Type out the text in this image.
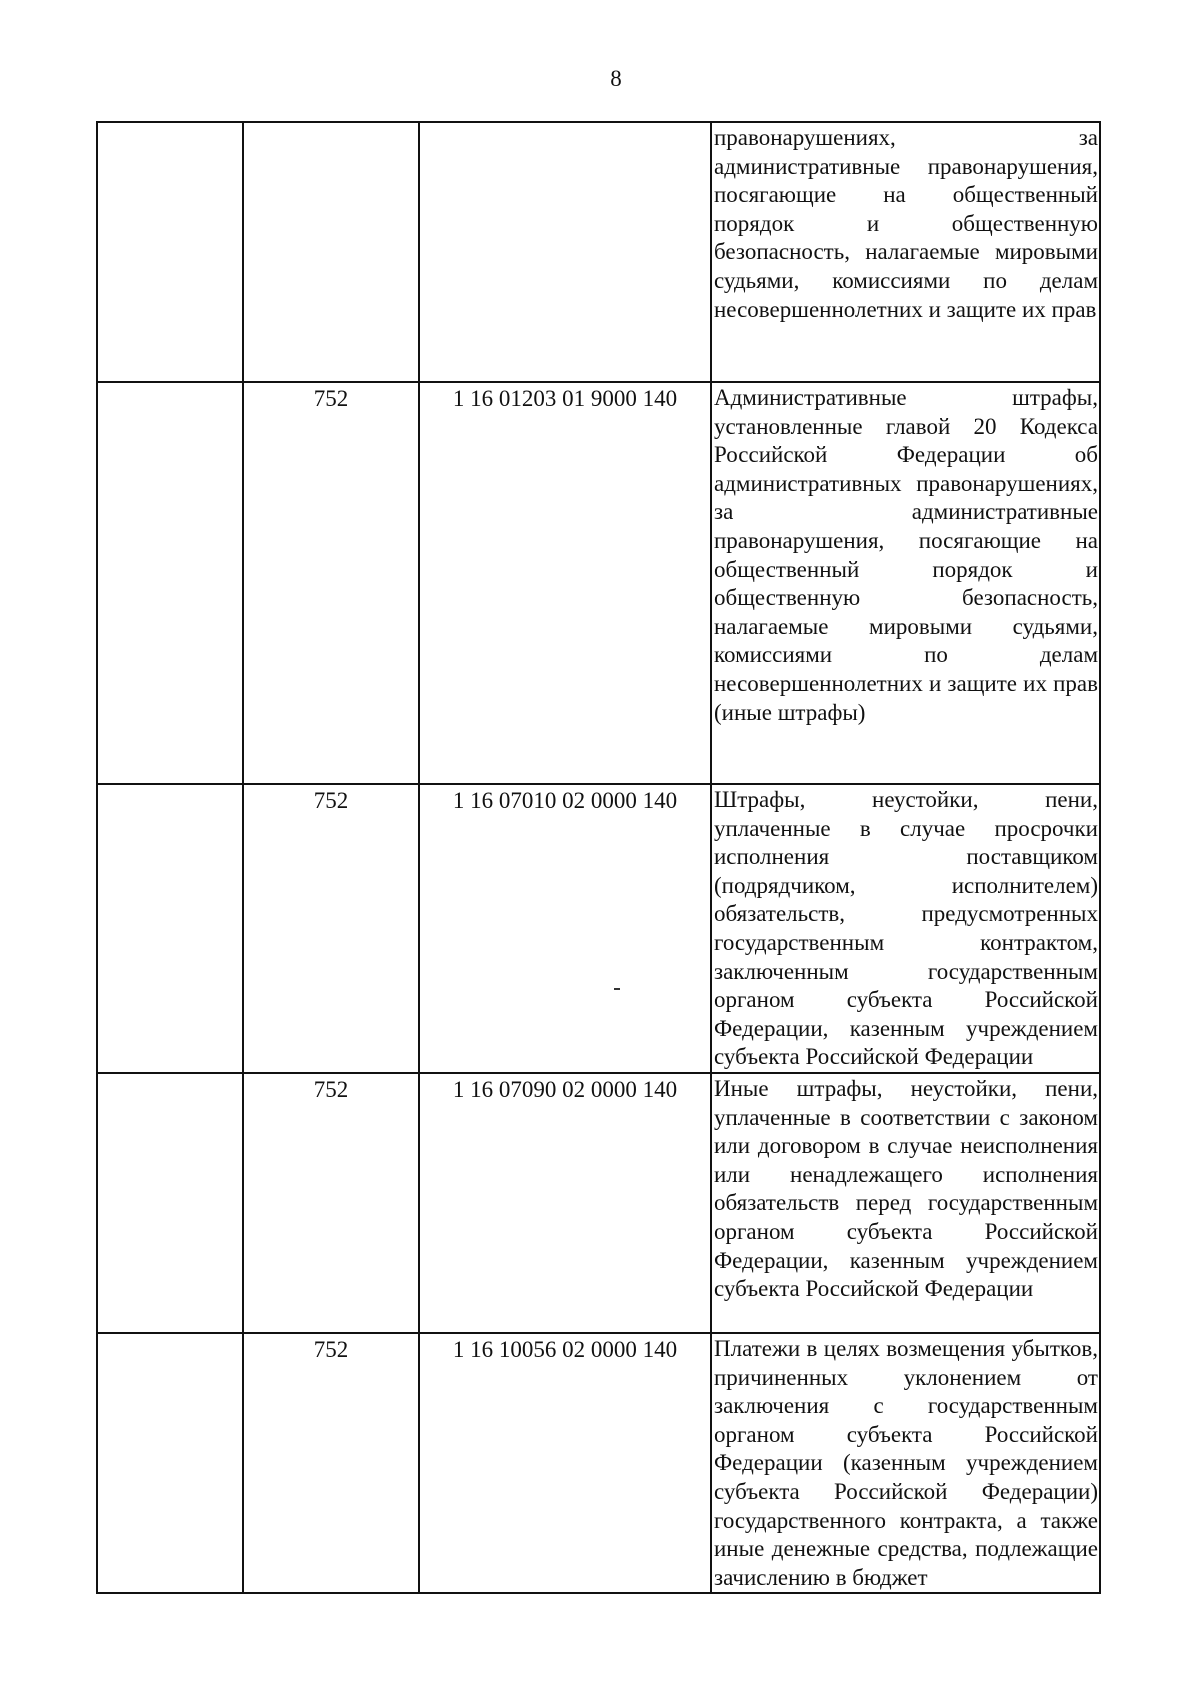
8

			правонарушениях, за административные правонарушения, посягающие на общественный порядок и общественную безопасность, налагаемые мировыми судьями, комиссиями по делам несовершеннолетних и защите их прав

	752	1 16 01203 01 9000 140	Административные штрафы, установленные главой 20 Кодекса Российской Федерации об административных правонарушениях, за административные правонарушения, посягающие на общественный порядок и общественную безопасность, налагаемые мировыми судьями, комиссиями по делам несовершеннолетних и защите их прав (иные штрафы)

	752	1 16 07010 02 0000 140	Штрафы, неустойки, пени, уплаченные в случае просрочки исполнения поставщиком (подрядчиком, исполнителем) обязательств, предусмотренных государственным контрактом, заключенным государственным органом субъекта Российской Федерации, казенным учреждением субъекта Российской Федерации

	752	1 16 07090 02 0000 140	Иные штрафы, неустойки, пени, уплаченные в соответствии с законом или договором в случае неисполнения или ненадлежащего исполнения обязательств перед государственным органом субъекта Российской Федерации, казенным учреждением субъекта Российской Федерации

	752	1 16 10056 02 0000 140	Платежи в целях возмещения убытков, причиненных уклонением от заключения с государственным органом субъекта Российской Федерации (казенным учреждением субъекта Российской Федерации) государственного контракта, а также иные денежные средства, подлежащие зачислению в бюджет
